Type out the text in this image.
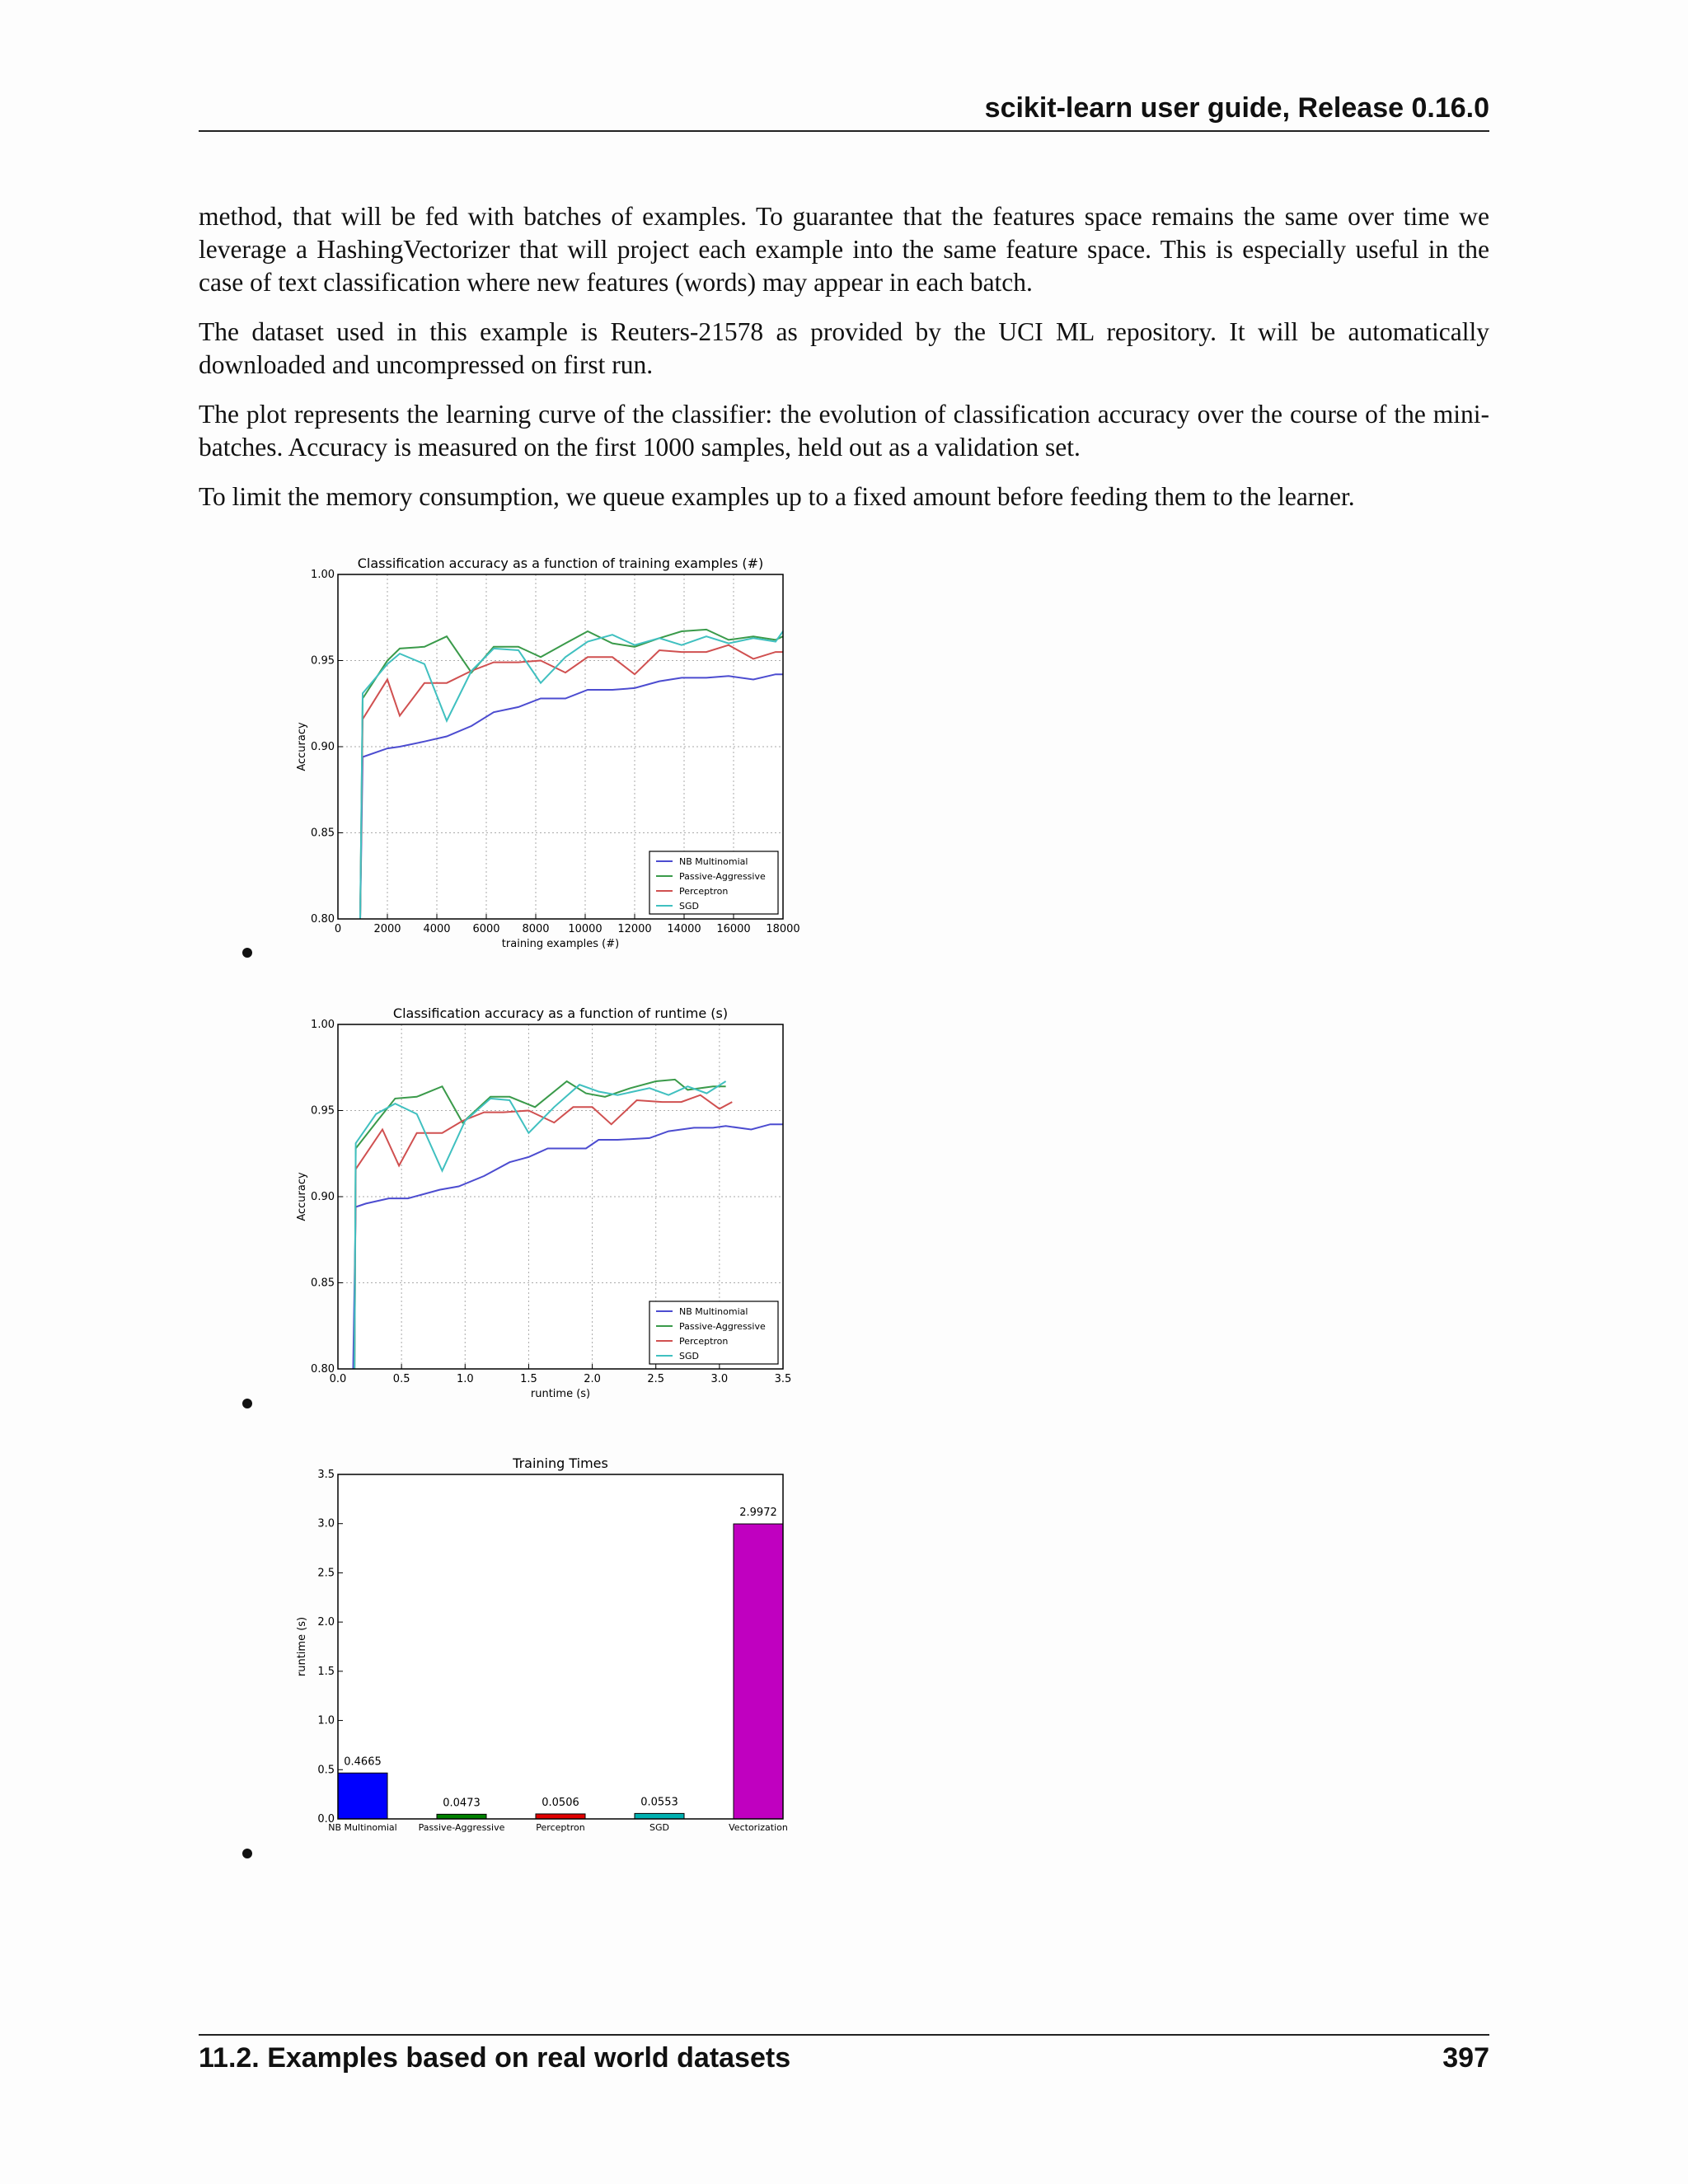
scikit-learn user guide, Release 0.16.0

method, that will be fed with batches of examples. To guarantee that the features space remains the same over time we leverage a HashingVectorizer that will project each example into the same feature space. This is especially useful in the case of text classification where new features (words) may appear in each batch.

The dataset used in this example is Reuters-21578 as provided by the UCI ML repository. It will be automatically downloaded and uncompressed on first run.

The plot represents the learning curve of the classifier: the evolution of classification accuracy over the course of the mini-batches. Accuracy is measured on the first 1000 samples, held out as a validation set.

To limit the memory consumption, we queue examples up to a fixed amount before feeding them to the learner.

0.80
0.85
0.90
0.95
1.00
0	2000 4000 6000 8000 10000 12000 14000 16000 18000
Classification accuracy as a function of training examples (#)
training examples (#)
Accuracy
NB Multinomial
Passive-Aggressive
Perceptron
SGD
0.80
0.85
0.90
0.95
1.00
0.0	0.5	1.0	1.5	2.0	2.5	3.0	3.5
Classification accuracy as a function of runtime (s)
runtime (s)
Accuracy
NB Multinomial
Passive-Aggressive
Perceptron
SGD
0.0
0.5
1.0
1.5
2.0
2.5
3.0
3.5
Training Times
runtime (s)
0.4665
NB Multinomial
0.0473
Passive-Aggressive
0.0506
Perceptron
0.0553
SGD
2.9972
Vectorization
11.2. Examples based on real world datasets	397
